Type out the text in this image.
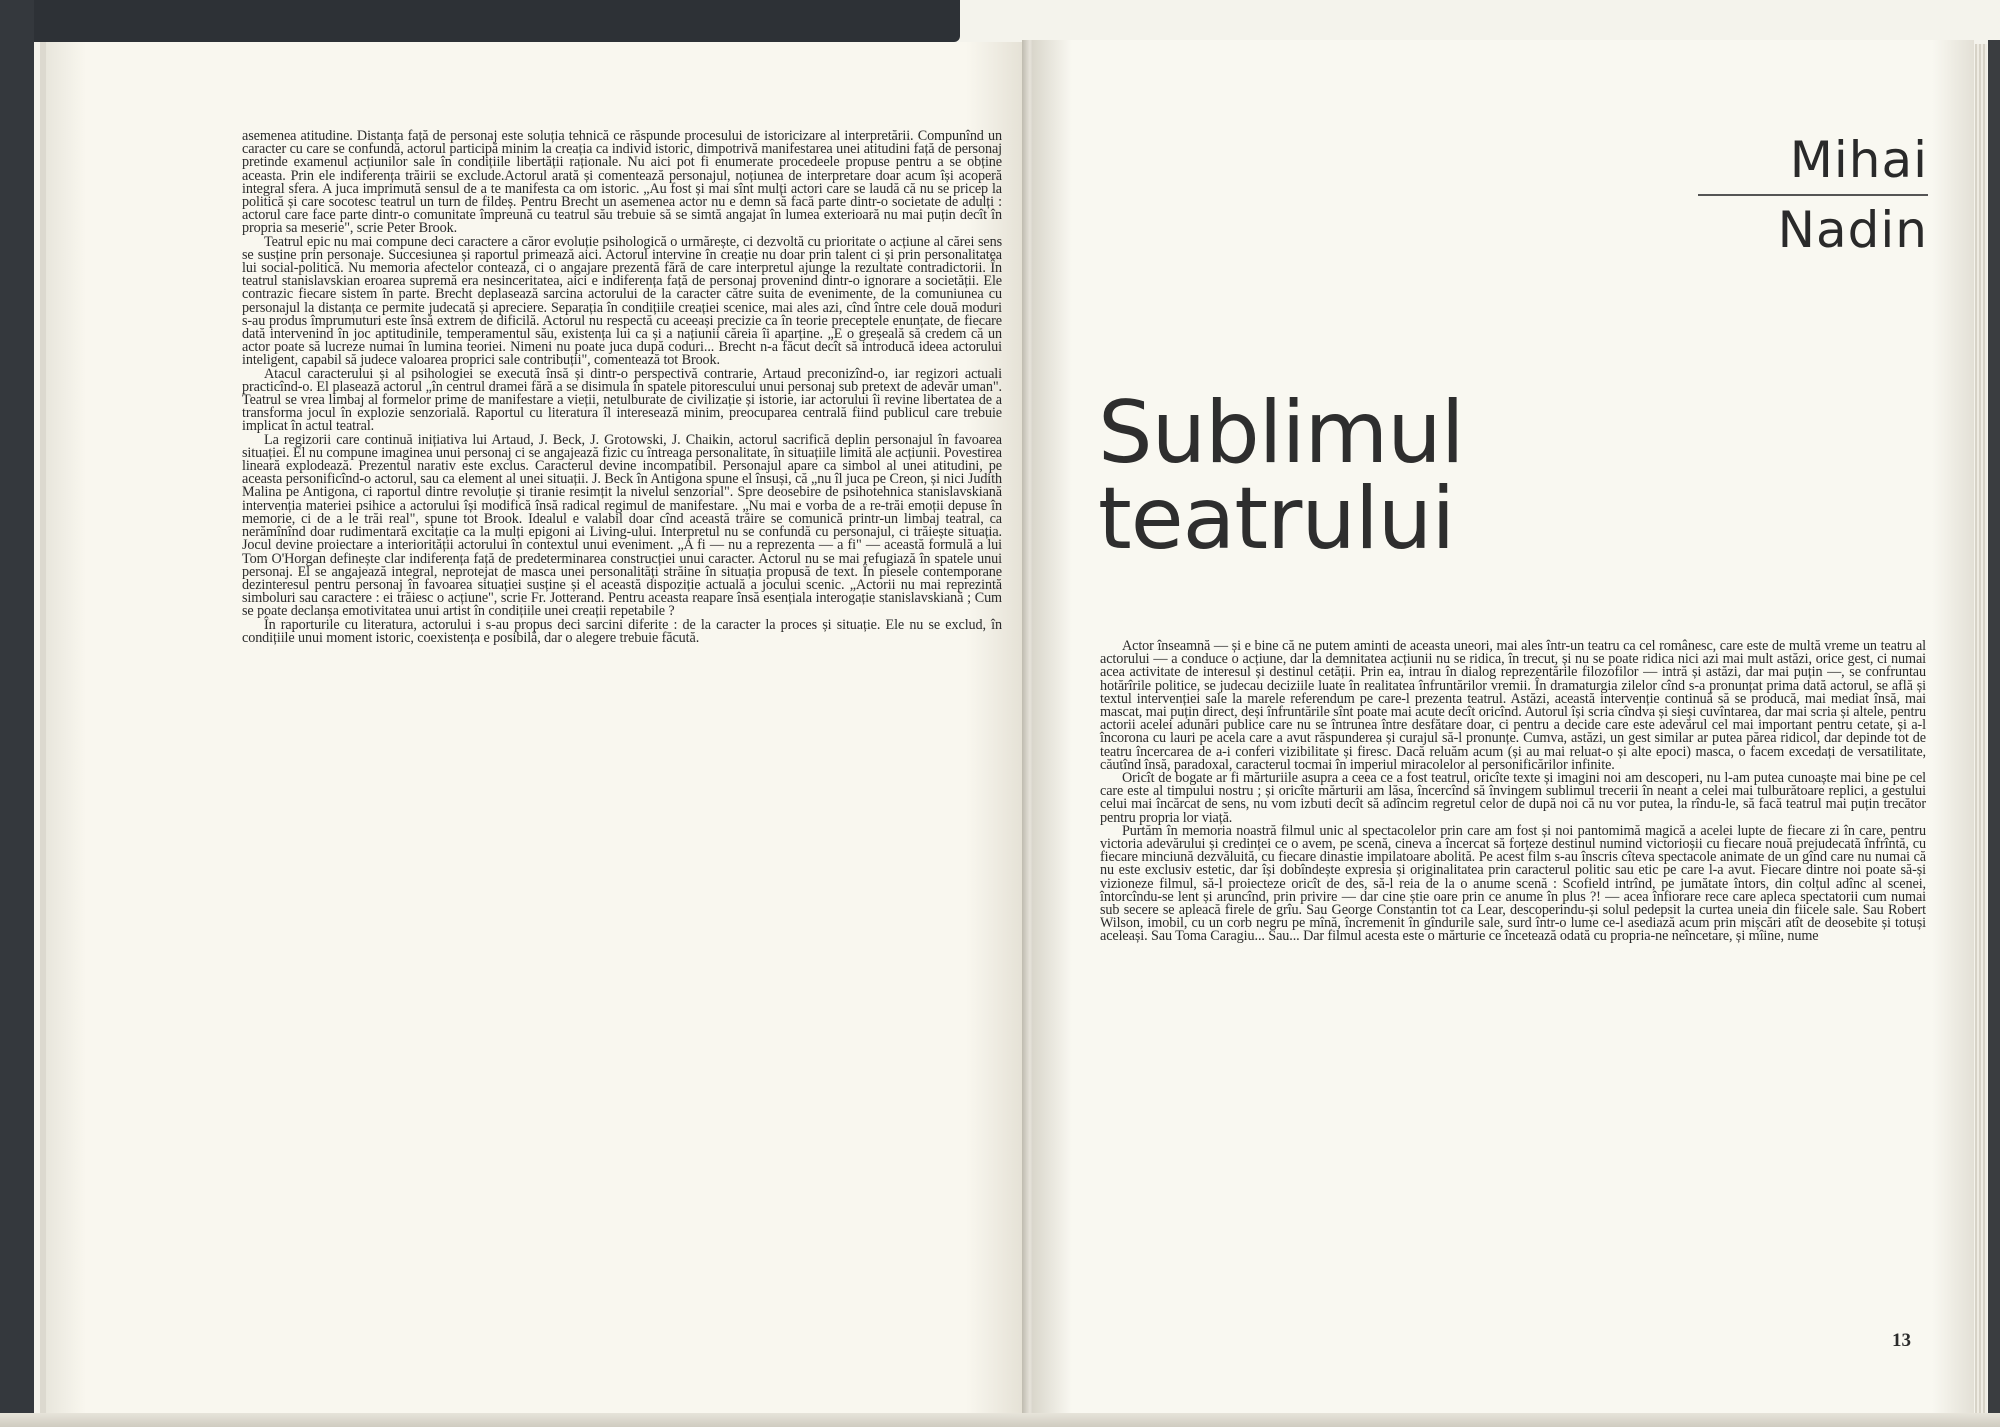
asemenea atitudine. Distanța față de personaj este soluția tehnică ce răspunde procesului de istoricizare al interpretării. Compunînd un caracter cu care se confundă, actorul participă minim la creația ca individ istoric, dimpotrivă manifestarea unei atitudini față de personaj pretinde examenul acțiunilor sale în condițiile libertății raționale. Nu aici pot fi enumerate procedeele propuse pentru a se obține aceasta. Prin ele indiferența trăirii se exclude.Actorul arată și comentează personajul, noțiunea de interpretare doar acum își acoperă integral sfera. A juca imprimută sensul de a te manifesta ca om istoric. „Au fost și mai sînt mulți actori care se laudă că nu se pricep la politică și care socotesc teatrul un turn de fildeș. Pentru Brecht un asemenea actor nu e demn să facă parte dintr-o societate de adulți : actorul care face parte dintr-o comunitate împreună cu teatrul său trebuie să se simtă angajat în lumea exterioară nu mai puțin decît în propria sa meserie", scrie Peter Brook.

Teatrul epic nu mai compune deci caractere a căror evoluție psihologică o urmărește, ci dezvoltă cu prioritate o acțiune al cărei sens se susține prin personaje. Succesiunea și raportul primează aici. Actorul intervine în creație nu doar prin talent ci și prin personalitatea lui social-politică. Nu memoria afectelor contează, ci o angajare prezentă fără de care interpretul ajunge la rezultate contradictorii. În teatrul stanislavskian eroarea supremă era nesinceritatea, aici e indiferența față de personaj provenind dintr-o ignorare a societății. Ele contrazic fiecare sistem în parte. Brecht deplasează sarcina actorului de la caracter către suita de evenimente, de la comuniunea cu personajul la distanța ce permite judecată și apreciere. Separația în condițiile creației scenice, mai ales azi, cînd între cele două moduri s-au produs împrumuturi este însă extrem de dificilă. Actorul nu respectă cu aceeași precizie ca în teorie preceptele enunțate, de fiecare dată intervenind în joc aptitudinile, temperamentul său, existența lui ca și a națiunii căreia îi aparține. „E o greșeală să credem că un actor poate să lucreze numai în lumina teoriei. Nimeni nu poate juca după coduri... Brecht n-a făcut decît să introducă ideea actorului inteligent, capabil să judece valoarea proprici sale contribuții", comentează tot Brook.

Atacul caracterului și al psihologiei se execută însă și dintr-o perspectivă contrarie, Artaud preconizînd-o, iar regizori actuali practicînd-o. El plasează actorul „în centrul dramei fără a se disimula în spatele pitorescului unui personaj sub pretext de adevăr uman". Teatrul se vrea limbaj al formelor prime de manifestare a vieții, netulburate de civilizație și istorie, iar actorului îi revine libertatea de a transforma jocul în explozie senzorială. Raportul cu literatura îl interesează minim, preocuparea centrală fiind publicul care trebuie implicat în actul teatral.

La regizorii care continuă inițiativa lui Artaud, J. Beck, J. Grotowski, J. Chaikin, actorul sacrifică deplin personajul în favoarea situației. El nu compune imaginea unui personaj ci se angajează fizic cu întreaga personalitate, în situațiile limită ale acțiunii. Povestirea lineară explodează. Prezentul narativ este exclus. Caracterul devine incompatibil. Personajul apare ca simbol al unei atitudini, pe aceasta personificînd-o actorul, sau ca element al unei situații. J. Beck în Antigona spune el însuși, că „nu îl juca pe Creon, și nici Judith Malina pe Antigona, ci raportul dintre revoluție și tiranie resimțit la nivelul senzorial". Spre deosebire de psihotehnica stanislavskiană intervenția materiei psihice a actorului își modifică însă radical regimul de manifestare. „Nu mai e vorba de a re-trăi emoții depuse în memorie, ci de a le trăi real", spune tot Brook. Idealul e valabil doar cînd această trăire se comunică printr-un limbaj teatral, ca nerămînînd doar rudimentară excitație ca la mulți epigoni ai Living-ului. Interpretul nu se confundă cu personajul, ci trăiește situația. Jocul devine proiectare a interiorității actorului în contextul unui eveniment. „A fi — nu a reprezenta — a fi" — această formulă a lui Tom O'Horgan definește clar indiferența față de predeterminarea construcției unui caracter. Actorul nu se mai refugiază în spatele unui personaj. El se angajează integral, neprotejat de masca unei personalități străine în situația propusă de text. În piesele contemporane dezinteresul pentru personaj în favoarea situației susține și el această dispoziție actuală a jocului scenic. „Actorii nu mai reprezintă simboluri sau caractere : ei trăiesc o acțiune", scrie Fr. Jotterand. Pentru aceasta reapare însă esențiala interogație stanislavskiană ; Cum se poate declanșa emotivitatea unui artist în condițiile unei creații repetabile ?

În raporturile cu literatura, actorului i s-au propus deci sarcini diferite : de la caracter la proces și situație. Ele nu se exclud, în condițiile unui moment istoric, coexistența e posibilă, dar o alegere trebuie făcută.

Mihai
Nadin
Sublimul
teatrului

Actor înseamnă — și e bine că ne putem aminti de aceasta uneori, mai ales într-un teatru ca cel românesc, care este de multă vreme un teatru al actorului — a conduce o acțiune, dar la demnitatea acțiunii nu se ridica, în trecut, și nu se poate ridica nici azi mai mult astăzi, orice gest, ci numai acea activitate de interesul și destinul cetății. Prin ea, intrau în dialog reprezentările filozofilor — intră și astăzi, dar mai puțin —, se confruntau hotărîrile politice, se judecau deciziile luate în realitatea înfruntărilor vremii. În dramaturgia zilelor cînd s-a pronunțat prima dată actorul, se află și textul intervenției sale la marele referendum pe care-l prezenta teatrul. Astăzi, această intervenție continuă să se producă, mai mediat însă, mai mascat, mai puțin direct, deși înfruntările sînt poate mai acute decît oricînd. Autorul își scria cîndva și sieși cuvîntarea, dar mai scria și altele, pentru actorii acelei adunări publice care nu se întrunea între desfătare doar, ci pentru a decide care este adevărul cel mai important pentru cetate, și a-l încorona cu lauri pe acela care a avut răspunderea și curajul să-l pronunțe. Cumva, astăzi, un gest similar ar putea părea ridicol, dar depinde tot de teatru încercarea de a-i conferi vizibilitate și firesc. Dacă reluăm acum (și au mai reluat-o și alte epoci) masca, o facem excedați de versatilitate, căutînd însă, paradoxal, caracterul tocmai în imperiul miracolelor al personificărilor infinite.

Oricît de bogate ar fi mărturiile asupra a ceea ce a fost teatrul, oricîte texte și imagini noi am descoperi, nu l-am putea cunoaște mai bine pe cel care este al timpului nostru ; și oricîte mărturii am lăsa, încercînd să învingem sublimul trecerii în neant a celei mai tulburătoare replici, a gestului celui mai încărcat de sens, nu vom izbuti decît să adîncim regretul celor de după noi că nu vor putea, la rîndu-le, să facă teatrul mai puțin trecător pentru propria lor viață.

Purtăm în memoria noastră filmul unic al spectacolelor prin care am fost și noi pantomimă magică a acelei lupte de fiecare zi în care, pentru victoria adevărului și credinței ce o avem, pe scenă, cineva a încercat să forțeze destinul numind victorioșii cu fiecare nouă prejudecată înfrîntă, cu fiecare minciună dezvăluită, cu fiecare dinastie impilatoare abolită. Pe acest film s-au înscris cîteva spectacole animate de un gînd care nu numai că nu este exclusiv estetic, dar își dobîndește expresia și originalitatea prin caracterul politic sau etic pe care l-a avut. Fiecare dintre noi poate să-și vizioneze filmul, să-l proiecteze oricît de des, să-l reia de la o anume scenă : Scofield intrînd, pe jumătate întors, din colțul adînc al scenei, întorcîndu-se lent și aruncînd, prin privire — dar cine știe oare prin ce anume în plus ?! — acea înfiorare rece care apleca spectatorii cum numai sub secere se apleacă firele de grîu. Sau George Constantin tot ca Lear, descoperindu-și solul pedepsit la curtea uneia din fiicele sale. Sau Robert Wilson, imobil, cu un corb negru pe mînă, încremenit în gîndurile sale, surd într-o lume ce-l asediază acum prin mișcări atît de deosebite și totuși aceleași. Sau Toma Caragiu... Sau... Dar filmul acesta este o mărturie ce încetează odată cu propria-ne neîncetare, și mîine, nume

13
